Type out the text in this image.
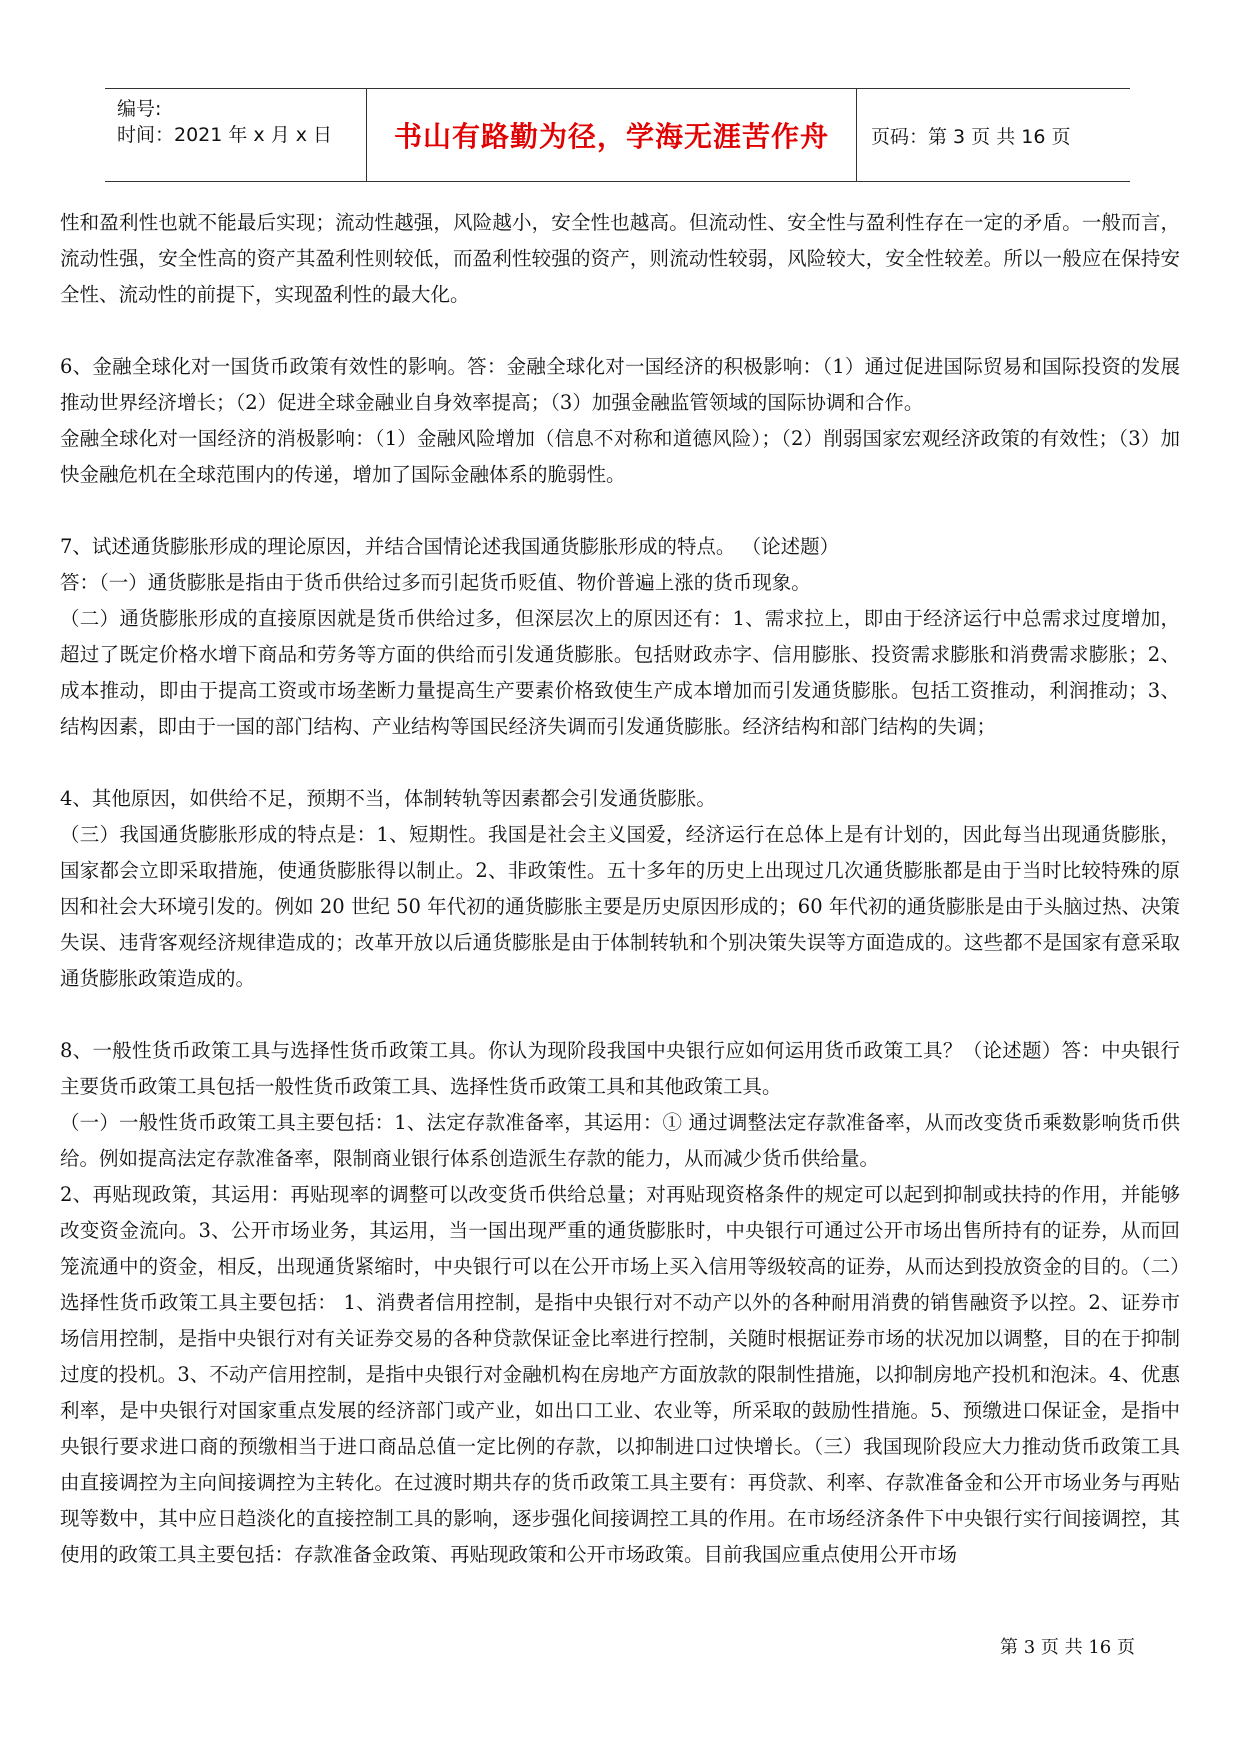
编号:
时间：2021 年 x 月 x 日 书山有路勤为径，学海无涯苦作舟 页码：第 3 页 共 16 页

性和盈利性也就不能最后实现；流动性越强，风险越小，安全性也越高。但流动性、安全性与盈利性存在一定的矛盾。一般而言，流动性强，安全性高的资产其盈利性则较低，而盈利性较强的资产，则流动性较弱，风险较大，安全性较差。所以一般应在保持安全性、流动性的前提下，实现盈利性的最大化。

6、金融全球化对一国货币政策有效性的影响。答：金融全球化对一国经济的积极影响：（1）通过促进国际贸易和国际投资的发展推动世界经济增长；（2）促进全球金融业自身效率提高；（3）加强金融监管领域的国际协调和合作。

金融全球化对一国经济的消极影响：（1）金融风险增加（信息不对称和道德风险）；（2）削弱国家宏观经济政策的有效性；（3）加快金融危机在全球范围内的传递，增加了国际金融体系的脆弱性。

7、试述通货膨胀形成的理论原因，并结合国情论述我国通货膨胀形成的特点。 （论述题）

答：（一）通货膨胀是指由于货币供给过多而引起货币贬值、物价普遍上涨的货币现象。

（二）通货膨胀形成的直接原因就是货币供给过多，但深层次上的原因还有：1、需求拉上，即由于经济运行中总需求过度增加，超过了既定价格水增下商品和劳务等方面的供给而引发通货膨胀。包括财政赤字、信用膨胀、投资需求膨胀和消费需求膨胀；2、成本推动，即由于提高工资或市场垄断力量提高生产要素价格致使生产成本增加而引发通货膨胀。包括工资推动，利润推动；3、结构因素，即由于一国的部门结构、产业结构等国民经济失调而引发通货膨胀。经济结构和部门结构的失调；

4、其他原因，如供给不足，预期不当，体制转轨等因素都会引发通货膨胀。

（三）我国通货膨胀形成的特点是：1、短期性。我国是社会主义国爱，经济运行在总体上是有计划的，因此每当出现通货膨胀，国家都会立即采取措施，使通货膨胀得以制止。2、非政策性。五十多年的历史上出现过几次通货膨胀都是由于当时比较特殊的原因和社会大环境引发的。例如 20 世纪 50 年代初的通货膨胀主要是历史原因形成的；60 年代初的通货膨胀是由于头脑过热、决策失误、违背客观经济规律造成的；改革开放以后通货膨胀是由于体制转轨和个别决策失误等方面造成的。这些都不是国家有意采取通货膨胀政策造成的。

8、一般性货币政策工具与选择性货币政策工具。你认为现阶段我国中央银行应如何运用货币政策工具？（论述题）答：中央银行主要货币政策工具包括一般性货币政策工具、选择性货币政策工具和其他政策工具。

（一）一般性货币政策工具主要包括：1、法定存款准备率，其运用：① 通过调整法定存款准备率，从而改变货币乘数影响货币供给。例如提高法定存款准备率，限制商业银行体系创造派生存款的能力，从而减少货币供给量。

2、再贴现政策，其运用：再贴现率的调整可以改变货币供给总量；对再贴现资格条件的规定可以起到抑制或扶持的作用，并能够改变资金流向。3、公开市场业务，其运用，当一国出现严重的通货膨胀时，中央银行可通过公开市场出售所持有的证券，从而回笼流通中的资金，相反，出现通货紧缩时，中央银行可以在公开市场上买入信用等级较高的证券，从而达到投放资金的目的。（二）选择性货币政策工具主要包括： 1、消费者信用控制，是指中央银行对不动产以外的各种耐用消费的销售融资予以控。2、证券市场信用控制，是指中央银行对有关证券交易的各种贷款保证金比率进行控制，关随时根据证券市场的状况加以调整，目的在于抑制过度的投机。3、不动产信用控制，是指中央银行对金融机构在房地产方面放款的限制性措施，以抑制房地产投机和泡沫。4、优惠利率，是中央银行对国家重点发展的经济部门或产业，如出口工业、农业等，所采取的鼓励性措施。5、预缴进口保证金，是指中央银行要求进口商的预缴相当于进口商品总值一定比例的存款，以抑制进口过快增长。（三）我国现阶段应大力推动货币政策工具由直接调控为主向间接调控为主转化。在过渡时期共存的货币政策工具主要有：再贷款、利率、存款准备金和公开市场业务与再贴现等数中，其中应日趋淡化的直接控制工具的影响，逐步强化间接调控工具的作用。在市场经济条件下中央银行实行间接调控，其使用的政策工具主要包括：存款准备金政策、再贴现政策和公开市场政策。目前我国应重点使用公开市场

第 3 页 共 16 页
